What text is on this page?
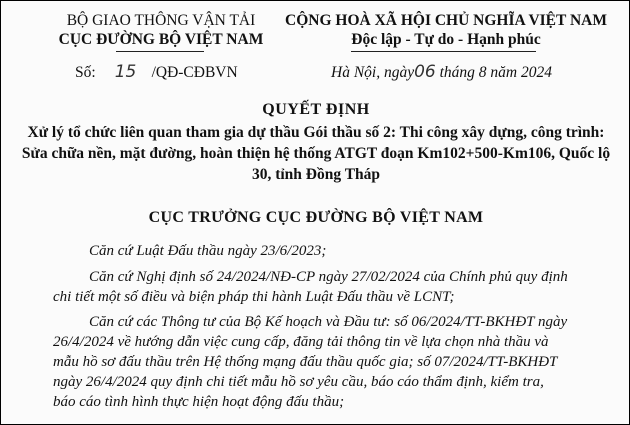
BỘ GIAO THÔNG VẬN TẢI
CỤC ĐƯỜNG BỘ VIỆT NAM
CỘNG HOÀ XÃ HỘI CHỦ NGHĨA VIỆT NAM
Độc lập - Tự do - Hạnh phúc
Số: 15 /QĐ-CĐBVN	Hà Nội, ngày06 tháng 8 năm 2024
QUYẾT ĐỊNH
Xử lý tổ chức liên quan tham gia dự thầu Gói thầu số 2: Thi công xây dựng, công trình: Sửa chữa nền, mặt đường, hoàn thiện hệ thống ATGT đoạn Km102+500-Km106, Quốc lộ 30, tỉnh Đồng Tháp
CỤC TRƯỞNG CỤC ĐƯỜNG BỘ VIỆT NAM
Căn cứ Luật Đấu thầu ngày 23/6/2023;
Căn cứ Nghị định số 24/2024/NĐ-CP ngày 27/02/2024 của Chính phủ quy định
chi tiết một số điều và biện pháp thi hành Luật Đấu thầu về LCNT;
Căn cứ các Thông tư của Bộ Kế hoạch và Đầu tư: số 06/2024/TT-BKHĐT ngày
26/4/2024 về hướng dẫn việc cung cấp, đăng tải thông tin về lựa chọn nhà thầu và
mẫu hồ sơ đấu thầu trên Hệ thống mạng đấu thầu quốc gia; số 07/2024/TT-BKHĐT
ngày 26/4/2024 quy định chi tiết mẫu hồ sơ yêu cầu, báo cáo thẩm định, kiểm tra,
báo cáo tình hình thực hiện hoạt động đấu thầu;
